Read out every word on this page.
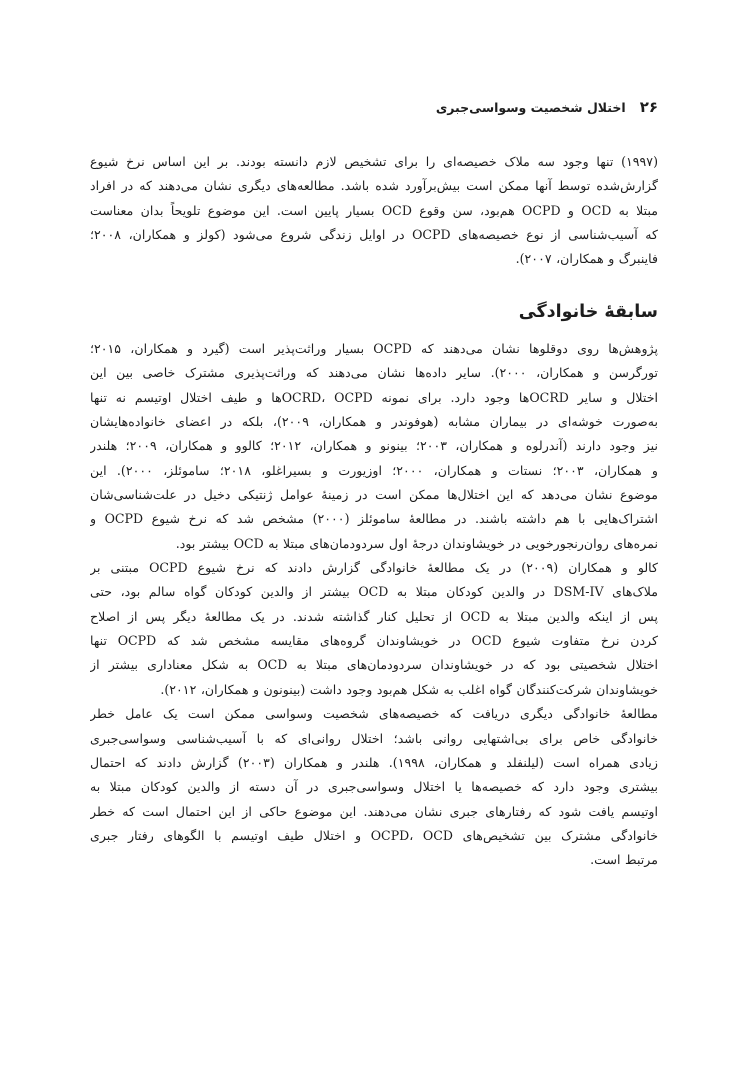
۲۶
اختلال شخصیت وسواسی‌جبری
(۱۹۹۷) تنها وجود سه ملاک خصیصه‌ای را برای تشخیص لازم دانسته بودند. بر این اساس نرخ شیوع
گزارش‌شده توسط آنها ممکن است بیش‌برآورد شده باشد. مطالعه‌های دیگری نشان می‌دهند که در افراد
مبتلا به OCD و OCPD هم‌بود، سن وقوع OCD بسیار پایین است. این موضوع تلویحاً بدان معناست
که آسیب‌شناسی از نوع خصیصه‌های OCPD در اوایل زندگی شروع می‌شود (کولز و همکاران، ۲۰۰۸؛
فاینبرگ و همکاران، ۲۰۰۷).
سابقهٔ خانوادگی
پژوهش‌ها روی دوقلوها نشان می‌دهند که OCPD بسیار وراثت‌پذیر است (گیرد و همکاران، ۲۰۱۵؛
تورگرسن و همکاران، ۲۰۰۰). سایر داده‌ها نشان می‌دهند که وراثت‌پذیری مشترک خاصی بین این
اختلال و سایر OCRDها وجود دارد. برای نمونه OCRD، OCPD‌ها و طیف اختلال اوتیسم نه تنها
به‌صورت خوشه‌ای در بیماران مشابه (هوفوندر و همکاران، ۲۰۰۹)، بلکه در اعضای خانواده‌هایشان
نیز وجود دارند (آندرلوه و همکاران، ۲۰۰۳؛ بینونو و همکاران، ۲۰۱۲؛ کالوو و همکاران، ۲۰۰۹؛ هلندر
و همکاران، ۲۰۰۳؛ نستات و همکاران، ۲۰۰۰؛ اوزیورت و بسیراغلو، ۲۰۱۸؛ ساموئلز، ۲۰۰۰). این
موضوع نشان می‌دهد که این اختلال‌ها ممکن است در زمینهٔ عوامل ژنتیکی دخیل در علت‌شناسی‌شان
اشتراک‌هایی با هم داشته باشند. در مطالعهٔ ساموئلز (۲۰۰۰) مشخص شد که نرخ شیوع OCPD و
نمره‌های روان‌رنجورخویی در خویشاوندان درجهٔ اول سردودمان‌های مبتلا به OCD بیشتر بود.
کالو و همکاران (۲۰۰۹) در یک مطالعهٔ خانوادگی گزارش دادند که نرخ شیوع OCPD مبتنی بر
ملاک‌های DSM-IV در والدین کودکان مبتلا به OCD بیشتر از والدین کودکان گواه سالم بود، حتی
پس از اینکه والدین مبتلا به OCD از تحلیل کنار گذاشته شدند. در یک مطالعهٔ دیگر پس از اصلاح
کردن نرخ متفاوت شیوع OCD در خویشاوندان گروه‌های مقایسه مشخص شد که OCPD تنها
اختلال شخصیتی بود که در خویشاوندان سردودمان‌های مبتلا به OCD به شکل معناداری بیشتر از
خویشاوندان شرکت‌کنندگان گواه اغلب به شکل هم‌بود وجود داشت (بینونون و همکاران، ۲۰۱۲).
مطالعهٔ خانوادگی دیگری دریافت که خصیصه‌های شخصیت وسواسی ممکن است یک عامل خطر
خانوادگی خاص برای بی‌اشتهایی روانی باشد؛ اختلال روانی‌ای که با آسیب‌شناسی وسواسی‌جبری
زیادی همراه است (لیلنفلد و همکاران، ۱۹۹۸). هلندر و همکاران (۲۰۰۳) گزارش دادند که احتمال
بیشتری وجود دارد که خصیصه‌ها یا اختلال وسواسی‌جبری در آن دسته از والدین کودکان مبتلا به
اوتیسم یافت شود که رفتارهای جبری نشان می‌دهند. این موضوع حاکی از این احتمال است که خطر
خانوادگی مشترک بین تشخیص‌های OCPD، OCD و اختلال طیف اوتیسم با الگوهای رفتار جبری
مرتبط است.
